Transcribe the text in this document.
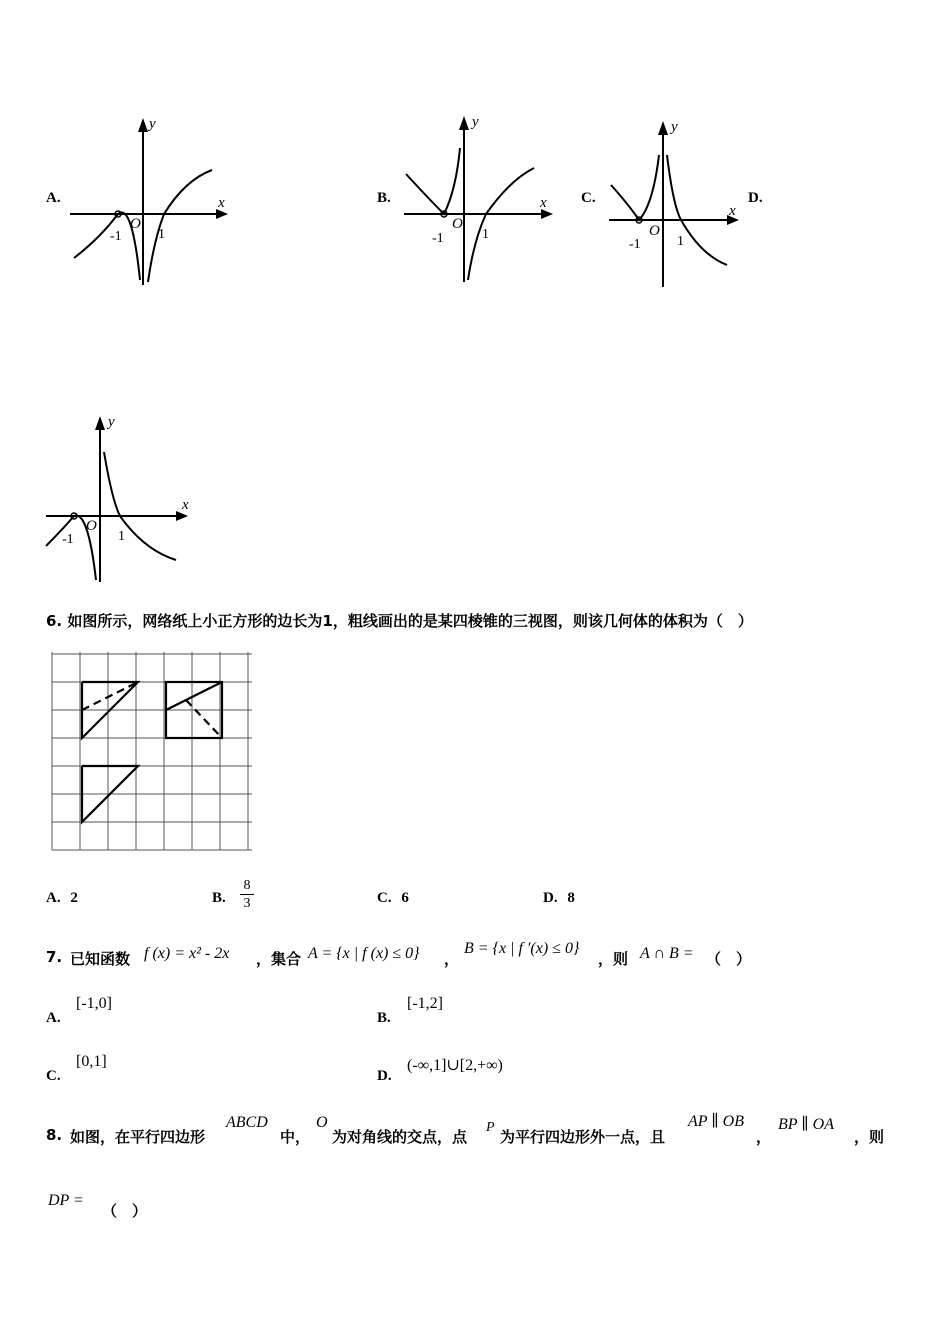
A.	B.	C.	D.
y
x
-1
O
1
y
x
-1
O
1
y
x
-1
O
1
y
x
-1
O
1
6. 如图所示，网络纸上小正方形的边长为1，粗线画出的是某四棱锥的三视图，则该几何体的体积为（　）
A. 2	B.
8
3	C. 6	D. 8
7. 已知函数 f (x) = x² - 2x ，集合 A = {x | f (x) ≤ 0} ，
B = {x | f ′(x) ≤ 0}
，则 A ∩ B = （　）
A.
[-1,0]
B.
[-1,2]
C.
[0,1]
D.
(-∞,1]∪[2,+∞)
8. 如图，在平行四边形
ABCD
中，
O
为对角线的交点，点
P
为平行四边形外一点，且
AP ∥ OB
，
BP ∥ OA
，则
DP =
（　）
